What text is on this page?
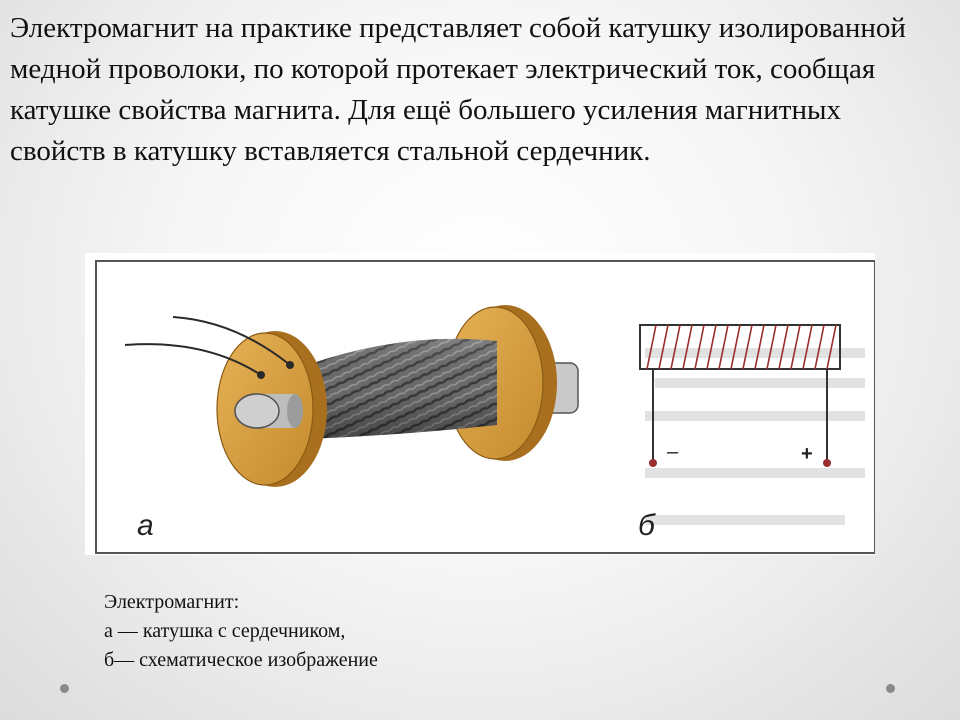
Электромагнит на практике представляет собой катушку изолированной медной проволоки, по которой протекает электрический ток, сообщая катушке свойства магнита. Для ещё большего усиления магнитных свойств в катушку вставляется стальной сердечник.

–	+
а	б
Электромагнит:
а — катушка с сердечником,
б— схематическое изображение
